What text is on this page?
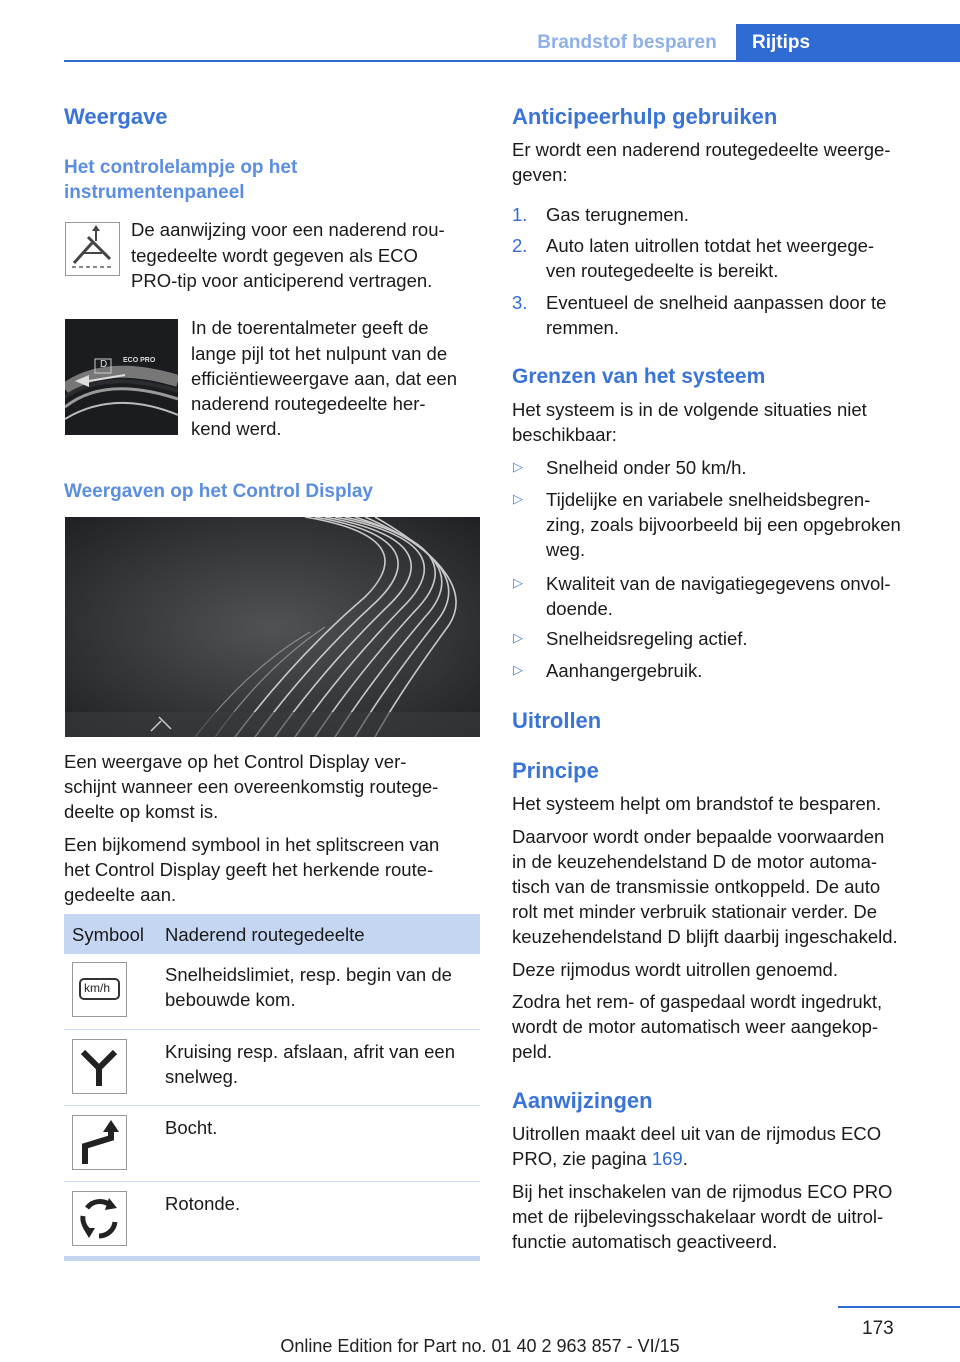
Brandstof besparen	Rijtips
Weergave
Het controlelampje op het instrumentenpaneel
De aanwijzing voor een naderend rou-
tegedeelte wordt gegeven als ECO
PRO-tip voor anticiperend vertragen.
D ECO PRO
In de toerentalmeter geeft de
lange pijl tot het nulpunt van de
efficiëntieweergave aan, dat een
naderend routegedeelte her-
kend werd.
Weergaven op het Control Display
Een weergave op het Control Display ver-
schijnt wanneer een overeenkomstig routege-
deelte op komst is.
Een bijkomend symbool in het splitscreen van
het Control Display geeft het herkende route-
gedeelte aan.
Symbool Naderend routegedeelte
km/h
Snelheidslimiet, resp. begin van de
bebouwde kom.
Kruising resp. afslaan, afrit van een
snelweg.
Bocht.
Rotonde.
Anticipeerhulp gebruiken
Er wordt een naderend routegedeelte weerge-
geven:
1. Gas terugnemen.
2. Auto laten uitrollen totdat het weergege-
ven routegedeelte is bereikt.
3. Eventueel de snelheid aanpassen door te
remmen.
Grenzen van het systeem
Het systeem is in de volgende situaties niet
beschikbaar:
▷ Snelheid onder 50 km/h.
▷ Tijdelijke en variabele snelheidsbegren-
zing, zoals bijvoorbeeld bij een opgebroken
weg.
▷ Kwaliteit van de navigatiegegevens onvol-
doende.
▷ Snelheidsregeling actief.
▷ Aanhangergebruik.
Uitrollen
Principe
Het systeem helpt om brandstof te besparen.
Daarvoor wordt onder bepaalde voorwaarden
in de keuzehendelstand D de motor automa-
tisch van de transmissie ontkoppeld. De auto
rolt met minder verbruik stationair verder. De
keuzehendelstand D blijft daarbij ingeschakeld.
Deze rijmodus wordt uitrollen genoemd.
Zodra het rem- of gaspedaal wordt ingedrukt,
wordt de motor automatisch weer aangekop-
peld.
Aanwijzingen
Uitrollen maakt deel uit van de rijmodus ECO
PRO, zie pagina 169.
Bij het inschakelen van de rijmodus ECO PRO
met de rijbelevingsschakelaar wordt de uitrol-
functie automatisch geactiveerd.
173
Online Edition for Part no. 01 40 2 963 857 - VI/15
